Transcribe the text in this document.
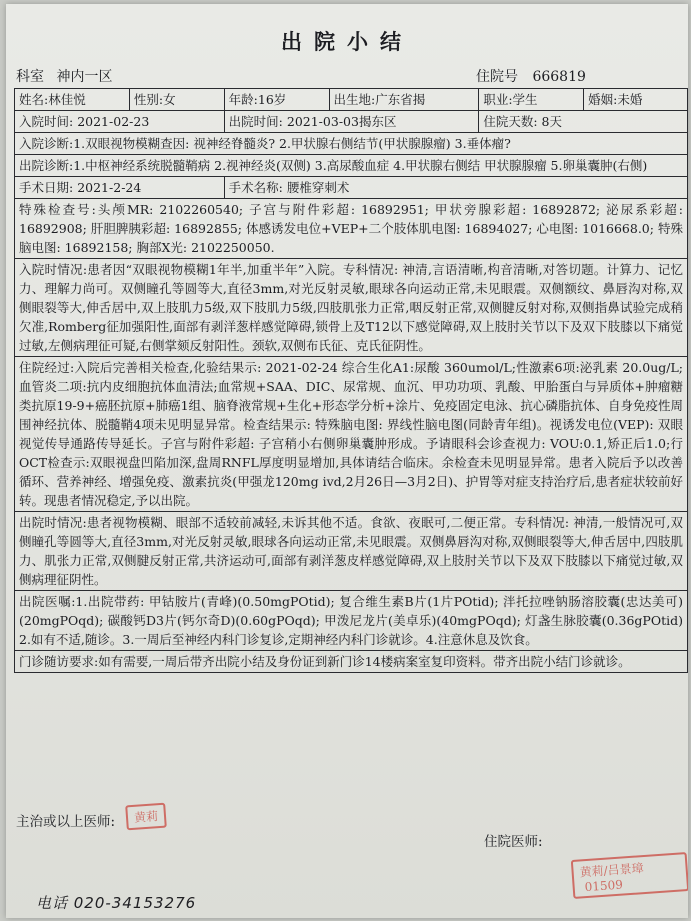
出院小结
科室 神内一区	住院号 666819
姓名:林佳悦	性别:女	年龄:16岁	出生地:广东省揭	职业:学生	婚姻:未婚
入院时间: 2021-02-23		出院时间: 2021-03-03揭东区		住院天数: 8天	
入院诊断:1.双眼视物模糊查因: 视神经脊髓炎? 2.甲状腺右侧结节(甲状腺腺瘤) 3.垂体瘤?					
出院诊断:1.中枢神经系统脱髓鞘病 2.视神经炎(双侧) 3.高尿酸血症 4.甲状腺右侧结 甲状腺腺瘤 5.卵巢囊肿(右侧)					
手术日期: 2021-2-24		手术名称: 腰椎穿刺术			
特殊检查号:头颅MR: 2102260540; 子宫与附件彩超: 16892951; 甲状旁腺彩超: 16892872; 泌尿系彩超: 16892908; 肝胆脾胰彩超: 16892855; 体感诱发电位+VEP+二个肢体肌电图: 16894027; 心电图: 1016668.0; 特殊脑电图: 16892158; 胸部X光: 2102250050.					
入院时情况:患者因“双眼视物模糊1年半,加重半年”入院。专科情况: 神清,言语清晰,构音清晰,对答切题。计算力、记忆力、理解力尚可。双侧瞳孔等圆等大,直径3mm,对光反射灵敏,眼球各向运动正常,未见眼震。双侧额纹、鼻唇沟对称,双侧眼裂等大,伸舌居中,双上肢肌力5级,双下肢肌力5级,四肢肌张力正常,咽反射正常,双侧腱反射对称,双侧指鼻试验完成稍欠准,Romberg征加强阳性,面部有剥洋葱样感觉障碍,锁骨上及T12以下感觉障碍,双上肢肘关节以下及双下肢膝以下痛觉过敏,左侧病理征可疑,右侧掌颏反射阳性。颈软,双侧布氏征、克氏征阴性。					
住院经过:入院后完善相关检查,化验结果示: 2021-02-24 综合生化A1:尿酸 360umol/L;性激素6项:泌乳素 20.0ug/L;血管炎二项:抗内皮细胞抗体血清法;血常规+SAA、DIC、尿常规、血沉、甲功功项、乳酸、甲胎蛋白与异质体+肿瘤糖类抗原19-9+癌胚抗原+肺癌1组、脑脊液常规+生化+形态学分析+涂片、免疫固定电泳、抗心磷脂抗体、自身免疫性周围神经抗体、脱髓鞘4项未见明显异常。检查结果示: 特殊脑电图: 界线性脑电图(同龄青年组)。视诱发电位(VEP): 双眼视觉传导通路传导延长。子宫与附件彩超: 子宫稍小右侧卵巢囊肿形成。予请眼科会诊查视力: VOU:0.1,矫正后1.0;行OCT检查示:双眼视盘凹陷加深,盘周RNFL厚度明显增加,具体请结合临床。余检查未见明显异常。患者入院后予以改善循环、营养神经、增强免疫、激素抗炎(甲强龙120mg ivd,2月26日—3月2日)、护胃等对症支持治疗后,患者症状较前好转。现患者情况稳定,予以出院。					
出院时情况:患者视物模糊、眼部不适较前减轻,未诉其他不适。食欲、夜眠可,二便正常。专科情况: 神清,一般情况可,双侧瞳孔等圆等大,直径3mm,对光反射灵敏,眼球各向运动正常,未见眼震。双侧鼻唇沟对称,双侧眼裂等大,伸舌居中,四肢肌力、肌张力正常,双侧腱反射正常,共济运动可,面部有剥洋葱皮样感觉障碍,双上肢肘关节以下及双下肢膝以下痛觉过敏,双侧病理征阴性。					
出院医嘱:1.出院带药: 甲钴胺片(青峰)(0.50mgPOtid); 复合维生素B片(1片POtid); 泮托拉唑钠肠溶胶囊(忠达美可)(20mgPOqd); 碳酸钙D3片(钙尔奇D)(0.60gPOqd); 甲泼尼龙片(美卓乐)(40mgPOqd); 灯盏生脉胶囊(0.36gPOtid) 2.如有不适,随诊。3.一周后至神经内科门诊复诊,定期神经内科门诊就诊。4.注意休息及饮食。					
门诊随访要求:如有需要,一周后带齐出院小结及身份证到新门诊14楼病案室复印资料。带齐出院小结门诊就诊。					
主治或以上医师:	黄莉
住院医师:
黄莉/吕景璋 01509
电话 020-34153276
